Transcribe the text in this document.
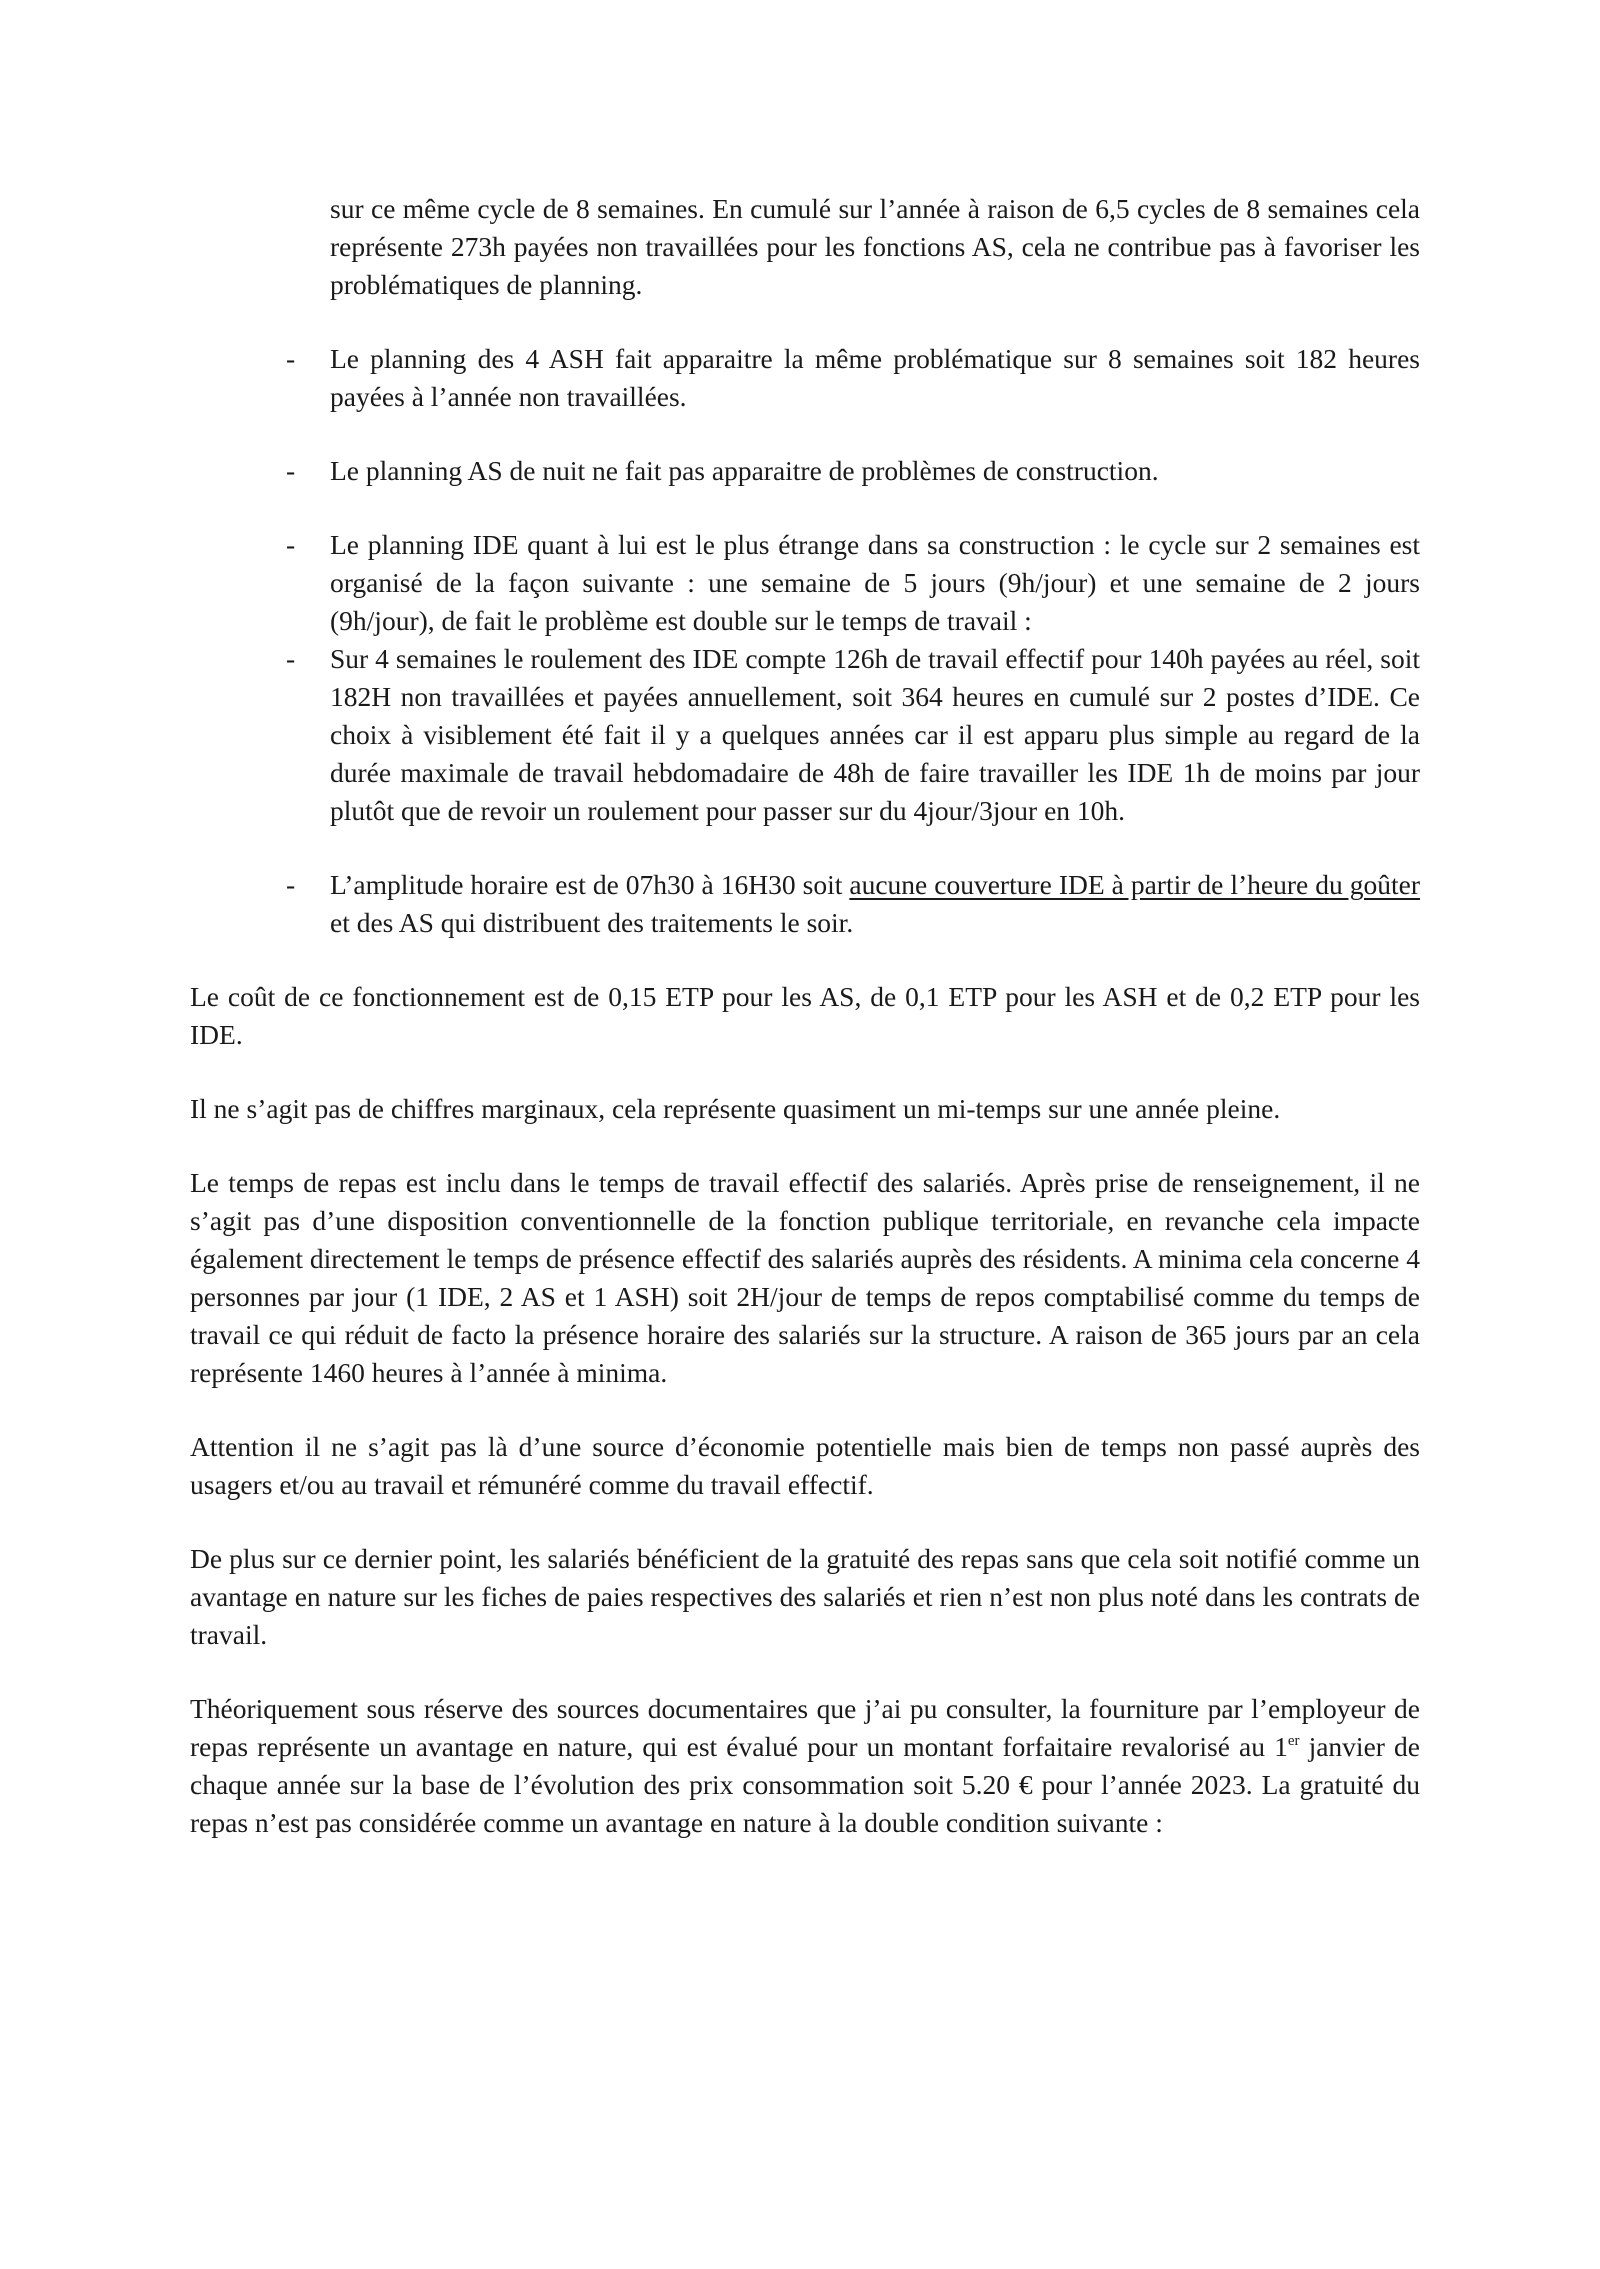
sur ce même cycle de 8 semaines. En cumulé sur l’année à raison de 6,5 cycles de 8 semaines cela représente 273h payées non travaillées pour les fonctions AS, cela ne contribue pas à favoriser les problématiques de planning.
- Le planning des 4 ASH fait apparaitre la même problématique sur 8 semaines soit 182 heures payées à l’année non travaillées.
- Le planning AS de nuit ne fait pas apparaitre de problèmes de construction.
- Le planning IDE quant à lui est le plus étrange dans sa construction : le cycle sur 2 semaines est organisé de la façon suivante : une semaine de 5 jours (9h/jour) et une semaine de 2 jours (9h/jour), de fait le problème est double sur le temps de travail :
- Sur 4 semaines le roulement des IDE compte 126h de travail effectif pour 140h payées au réel, soit 182H non travaillées et payées annuellement, soit 364 heures en cumulé sur 2 postes d’IDE. Ce choix à visiblement été fait il y a quelques années car il est apparu plus simple au regard de la durée maximale de travail hebdomadaire de 48h de faire travailler les IDE 1h de moins par jour plutôt que de revoir un roulement pour passer sur du 4jour/3jour en 10h.
- L’amplitude horaire est de 07h30 à 16H30 soit aucune couverture IDE à partir de l’heure du goûter et des AS qui distribuent des traitements le soir.

Le coût de ce fonctionnement est de 0,15 ETP pour les AS, de 0,1 ETP pour les ASH et de 0,2 ETP pour les IDE.

Il ne s’agit pas de chiffres marginaux, cela représente quasiment un mi-temps sur une année pleine.

Le temps de repas est inclu dans le temps de travail effectif des salariés. Après prise de renseignement, il ne s’agit pas d’une disposition conventionnelle de la fonction publique territoriale, en revanche cela impacte également directement le temps de présence effectif des salariés auprès des résidents. A minima cela concerne 4 personnes par jour (1 IDE, 2 AS et 1 ASH) soit 2H/jour de temps de repos comptabilisé comme du temps de travail ce qui réduit de facto la présence horaire des salariés sur la structure. A raison de 365 jours par an cela représente 1460 heures à l’année à minima.

Attention il ne s’agit pas là d’une source d’économie potentielle mais bien de temps non passé auprès des usagers et/ou au travail et rémunéré comme du travail effectif.

De plus sur ce dernier point, les salariés bénéficient de la gratuité des repas sans que cela soit notifié comme un avantage en nature sur les fiches de paies respectives des salariés et rien n’est non plus noté dans les contrats de travail.

Théoriquement sous réserve des sources documentaires que j’ai pu consulter, la fourniture par l’employeur de repas représente un avantage en nature, qui est évalué pour un montant forfaitaire revalorisé au 1er janvier de chaque année sur la base de l’évolution des prix consommation soit 5.20 € pour l’année 2023. La gratuité du repas n’est pas considérée comme un avantage en nature à la double condition suivante :
